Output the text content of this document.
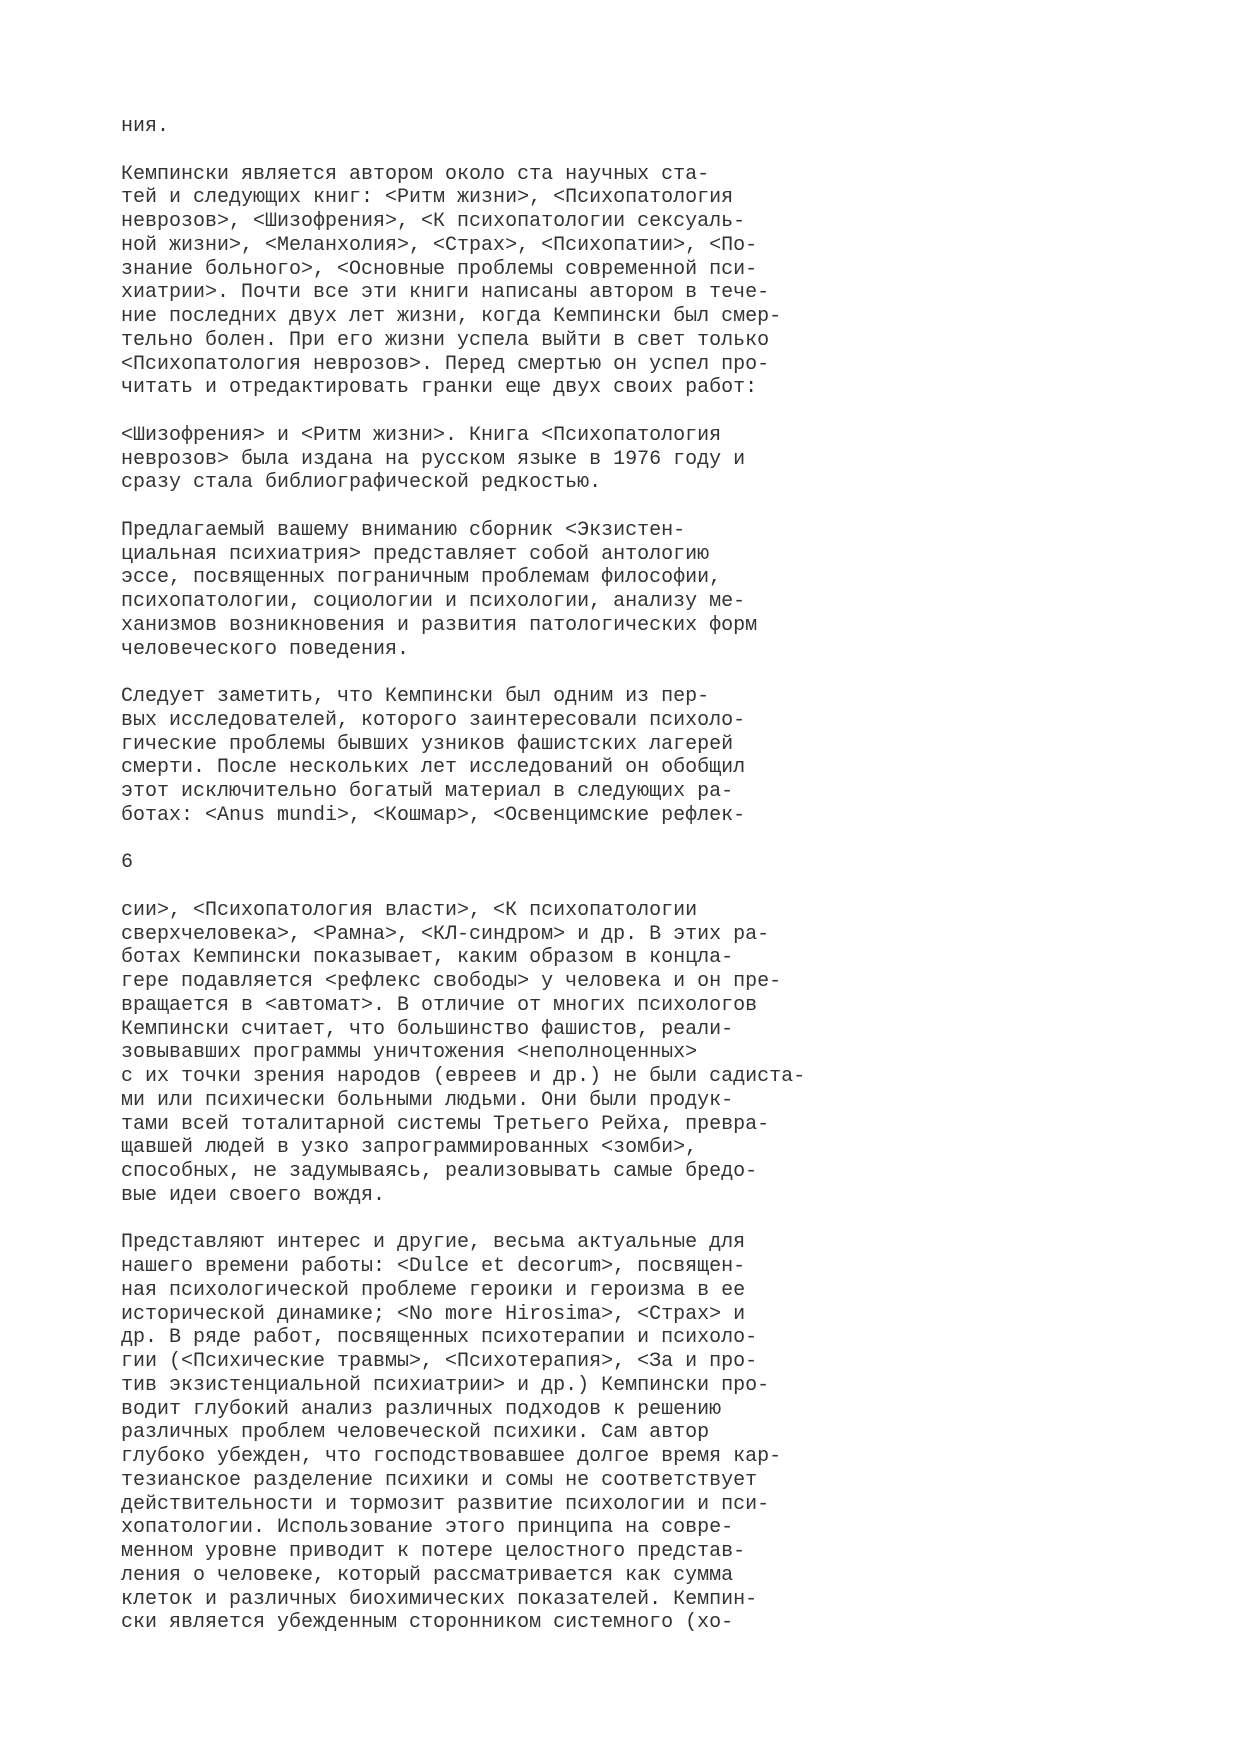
ния.
Кемпински является автором около ста научных ста-
тей и следующих книг: <Ритм жизни>, <Психопатология
неврозов>, <Шизофрения>, <К психопатологии сексуаль-
ной жизни>, <Меланхолия>, <Страх>, <Психопатии>, <По-
знание больного>, <Основные проблемы современной пси-
хиатрии>. Почти все эти книги написаны автором в тече-
ние последних двух лет жизни, когда Кемпински был смер-
тельно болен. При его жизни успела выйти в свет только
<Психопатология неврозов>. Перед смертью он успел про-
читать и отредактировать гранки еще двух своих работ:
<Шизофрения> и <Ритм жизни>. Книга <Психопатология
неврозов> была издана на русском языке в 1976 году и
сразу стала библиографической редкостью.
Предлагаемый вашему вниманию сборник <Экзистен-
циальная психиатрия> представляет собой антологию
эссе, посвященных пограничным проблемам философии,
психопатологии, социологии и психологии, анализу ме-
ханизмов возникновения и развития патологических форм
человеческого поведения.
Следует заметить, что Кемпински был одним из пер-
вых исследователей, которого заинтересовали психоло-
гические проблемы бывших узников фашистских лагерей
смерти. После нескольких лет исследований он обобщил
этот исключительно богатый материал в следующих ра-
ботах: <Anus mundi>, <Кошмар>, <Освенцимские рефлек-
6
сии>, <Психопатология власти>, <К психопатологии
сверхчеловека>, <Рамна>, <КЛ-синдром> и др. В этих ра-
ботах Кемпински показывает, каким образом в концла-
гере подавляется <рефлекс свободы> у человека и он пре-
вращается в <автомат>. В отличие от многих психологов
Кемпински считает, что большинство фашистов, реали-
зовывавших программы уничтожения <неполноценных>
с их точки зрения народов (евреев и др.) не были садиста-
ми или психически больными людьми. Они были продук-
тами всей тоталитарной системы Третьего Рейха, превра-
щавшей людей в узко запрограммированных <зомби>,
способных, не задумываясь, реализовывать самые бредо-
вые идеи своего вождя.
Представляют интерес и другие, весьма актуальные для
нашего времени работы: <Dulce et decorum>, посвящен-
ная психологической проблеме героики и героизма в ее
исторической динамике; <No more Hirosima>, <Страх> и
др. В ряде работ, посвященных психотерапии и психоло-
гии (<Психические травмы>, <Психотерапия>, <За и про-
тив экзистенциальной психиатрии> и др.) Кемпински про-
водит глубокий анализ различных подходов к решению
различных проблем человеческой психики. Сам автор
глубоко убежден, что господствовавшее долгое время кар-
тезианское разделение психики и сомы не соответствует
действительности и тормозит развитие психологии и пси-
хопатологии. Использование этого принципа на совре-
менном уровне приводит к потере целостного представ-
ления о человеке, который рассматривается как сумма
клеток и различных биохимических показателей. Кемпин-
ски является убежденным сторонником системного (хо-
